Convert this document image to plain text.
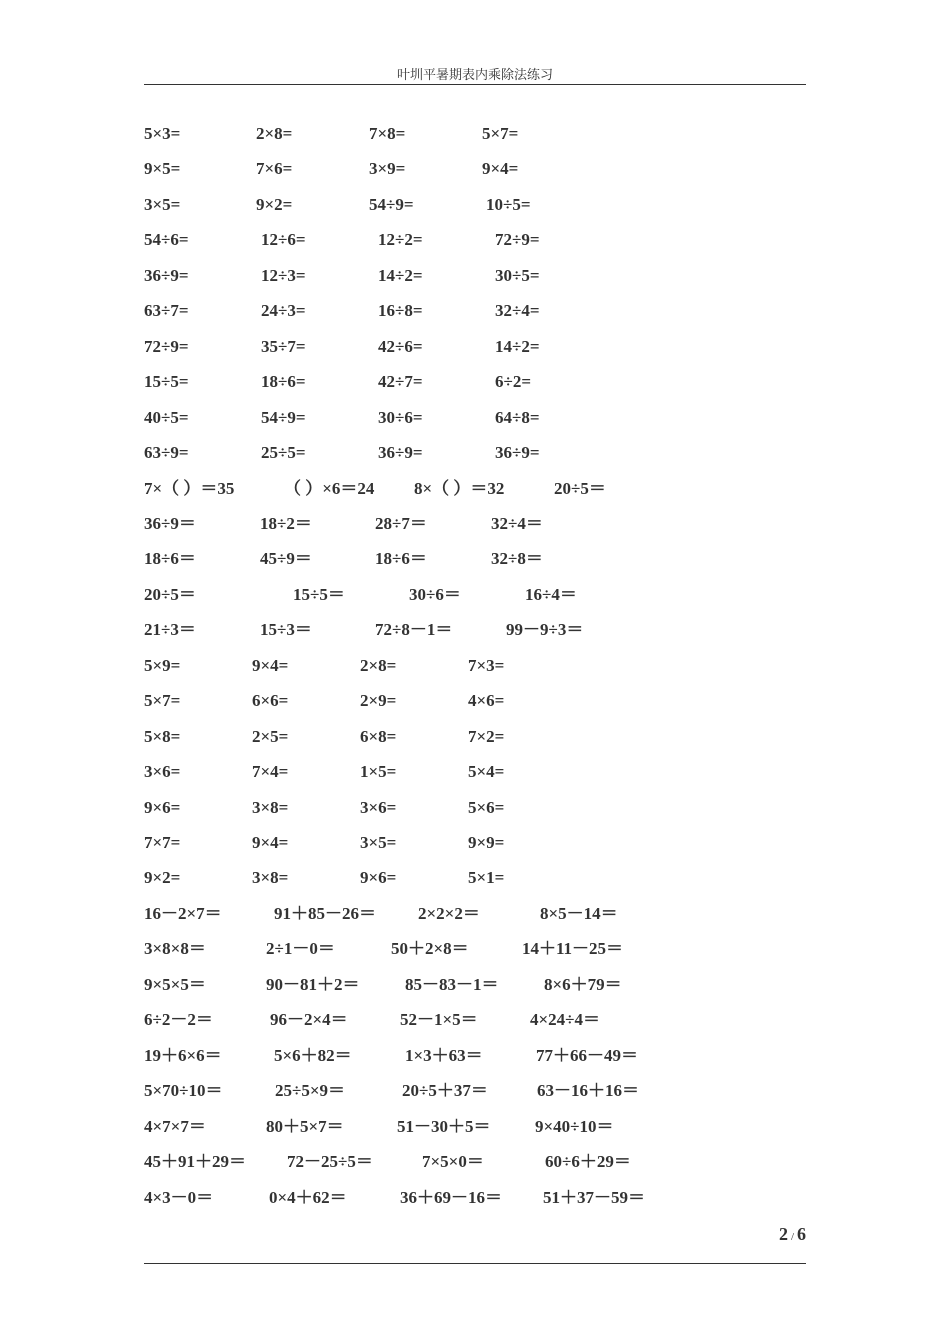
叶圳平暑期表内乘除法练习
5×3=	2×8=	7×8=	5×7=
9×5=	7×6=	3×9=	9×4=
3×5=	9×2=	54÷9=	10÷5=
54÷6=	12÷6=	12÷2=	72÷9=
36÷9=	12÷3=	14÷2=	30÷5=
63÷7=	24÷3=	16÷8=	32÷4=
72÷9=	35÷7=	42÷6=	14÷2=
15÷5=	18÷6=	42÷7=	6÷2=
40÷5=	54÷9=	30÷6=	64÷8=
63÷9=	25÷5=	36÷9=	36÷9=
7×（ ）＝35	（ ）×6＝24 8×（ ）＝32	20÷5＝
36÷9＝	18÷2＝	28÷7＝	32÷4＝
18÷6＝	45÷9＝	18÷6＝	32÷8＝
20÷5＝	15÷5＝	30÷6＝	16÷4＝
21÷3＝	15÷3＝	72÷8－1＝	99－9÷3＝
5×9=	9×4=	2×8=	7×3=
5×7=	6×6=	2×9=	4×6=
5×8=	2×5=	6×8=	7×2=
3×6=	7×4=	1×5=	5×4=
9×6=	3×8=	3×6=	5×6=
7×7=	9×4=	3×5=	9×9=
9×2=	3×8=	9×6=	5×1=
16－2×7＝	91＋85－26＝ 2×2×2＝	8×5－14＝
3×8×8＝	2÷1－0＝	50＋2×8＝	14＋11－25＝
9×5×5＝	90－81＋2＝	85－83－1＝	8×6＋79＝
6÷2－2＝	96－2×4＝	52－1×5＝	4×24÷4＝
19＋6×6＝	5×6＋82＝	1×3＋63＝	77＋66－49＝
5×70÷10＝	25÷5×9＝	20÷5＋37＝	63－16＋16＝
4×7×7＝	80＋5×7＝	51－30＋5＝	9×40÷10＝
45＋91＋29＝ 72－25÷5＝	7×5×0＝	60÷6＋29＝
4×3－0＝	0×4＋62＝	36＋69－16＝ 51＋37－59＝
2 / 6
